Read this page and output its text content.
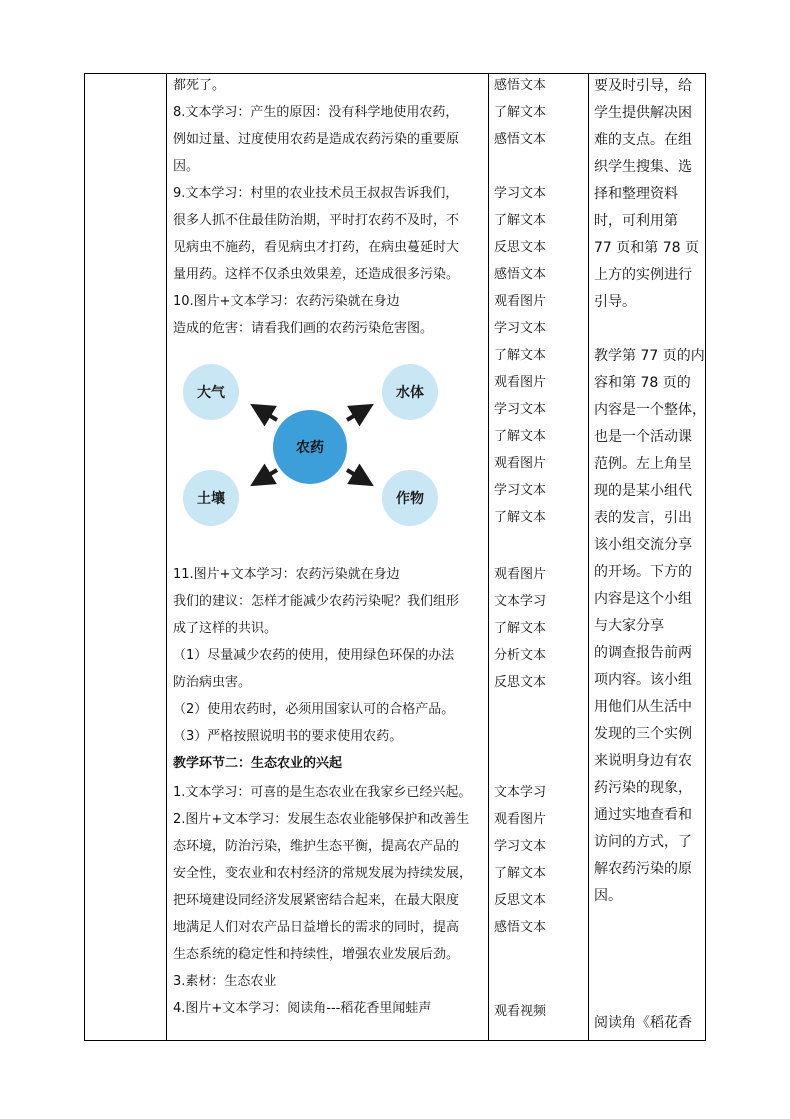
都死了。
8.文本学习：产生的原因：没有科学地使用农药，
例如过量、过度使用农药是造成农药污染的重要原
因。
9.文本学习：村里的农业技术员王叔叔告诉我们，
很多人抓不住最佳防治期，平时打农药不及时，不
见病虫不施药，看见病虫才打药，在病虫蔓延时大
量用药。这样不仅杀虫效果差，还造成很多污染。
10.图片+文本学习：农药污染就在身边
造成的危害：请看我们画的农药污染危害图。
11.图片+文本学习：农药污染就在身边
我们的建议：怎样才能减少农药污染呢？我们组形
成了这样的共识。
（1）尽量减少农药的使用，使用绿色环保的办法
防治病虫害。
（2）使用农药时，必须用国家认可的合格产品。
（3）严格按照说明书的要求使用农药。
教学环节二：生态农业的兴起
1.文本学习：可喜的是生态农业在我家乡已经兴起。
2.图片+文本学习：发展生态农业能够保护和改善生
态环境，防治污染，维护生态平衡，提高农产品的
安全性，变农业和农村经济的常规发展为持续发展，
把环境建设同经济发展紧密结合起来，在最大限度
地满足人们对农产品日益增长的需求的同时，提高
生态系统的稳定性和持续性，增强农业发展后劲。
3.素材：生态农业
4.图片+文本学习：阅读角---稻花香里闻蛙声
大气	水体
农药
土壤	作物
感悟文本
了解文本
感悟文本
学习文本
了解文本
反思文本
感悟文本
观看图片
学习文本
了解文本
观看图片
学习文本
了解文本
观看图片
学习文本
了解文本
观看图片
文本学习
了解文本
分析文本
反思文本
文本学习
观看图片
学习文本
了解文本
反思文本
感悟文本
观看视频
要及时引导，给
学生提供解决困
难的支点。在组
织学生搜集、选
择和整理资料
时，可利用第
77 页和第 78 页
上方的实例进行
引导。
教学第 77 页的内
容和第 78 页的
内容是一个整体，
也是一个活动课
范例。左上角呈
现的是某小组代
表的发言，引出
该小组交流分享
的开场。下方的
内容是这个小组
与大家分享
的调查报告前两
项内容。该小组
用他们从生活中
发现的三个实例
来说明身边有农
药污染的现象，
通过实地查看和
访问的方式，了
解农药污染的原
因。
阅读角《稻花香
